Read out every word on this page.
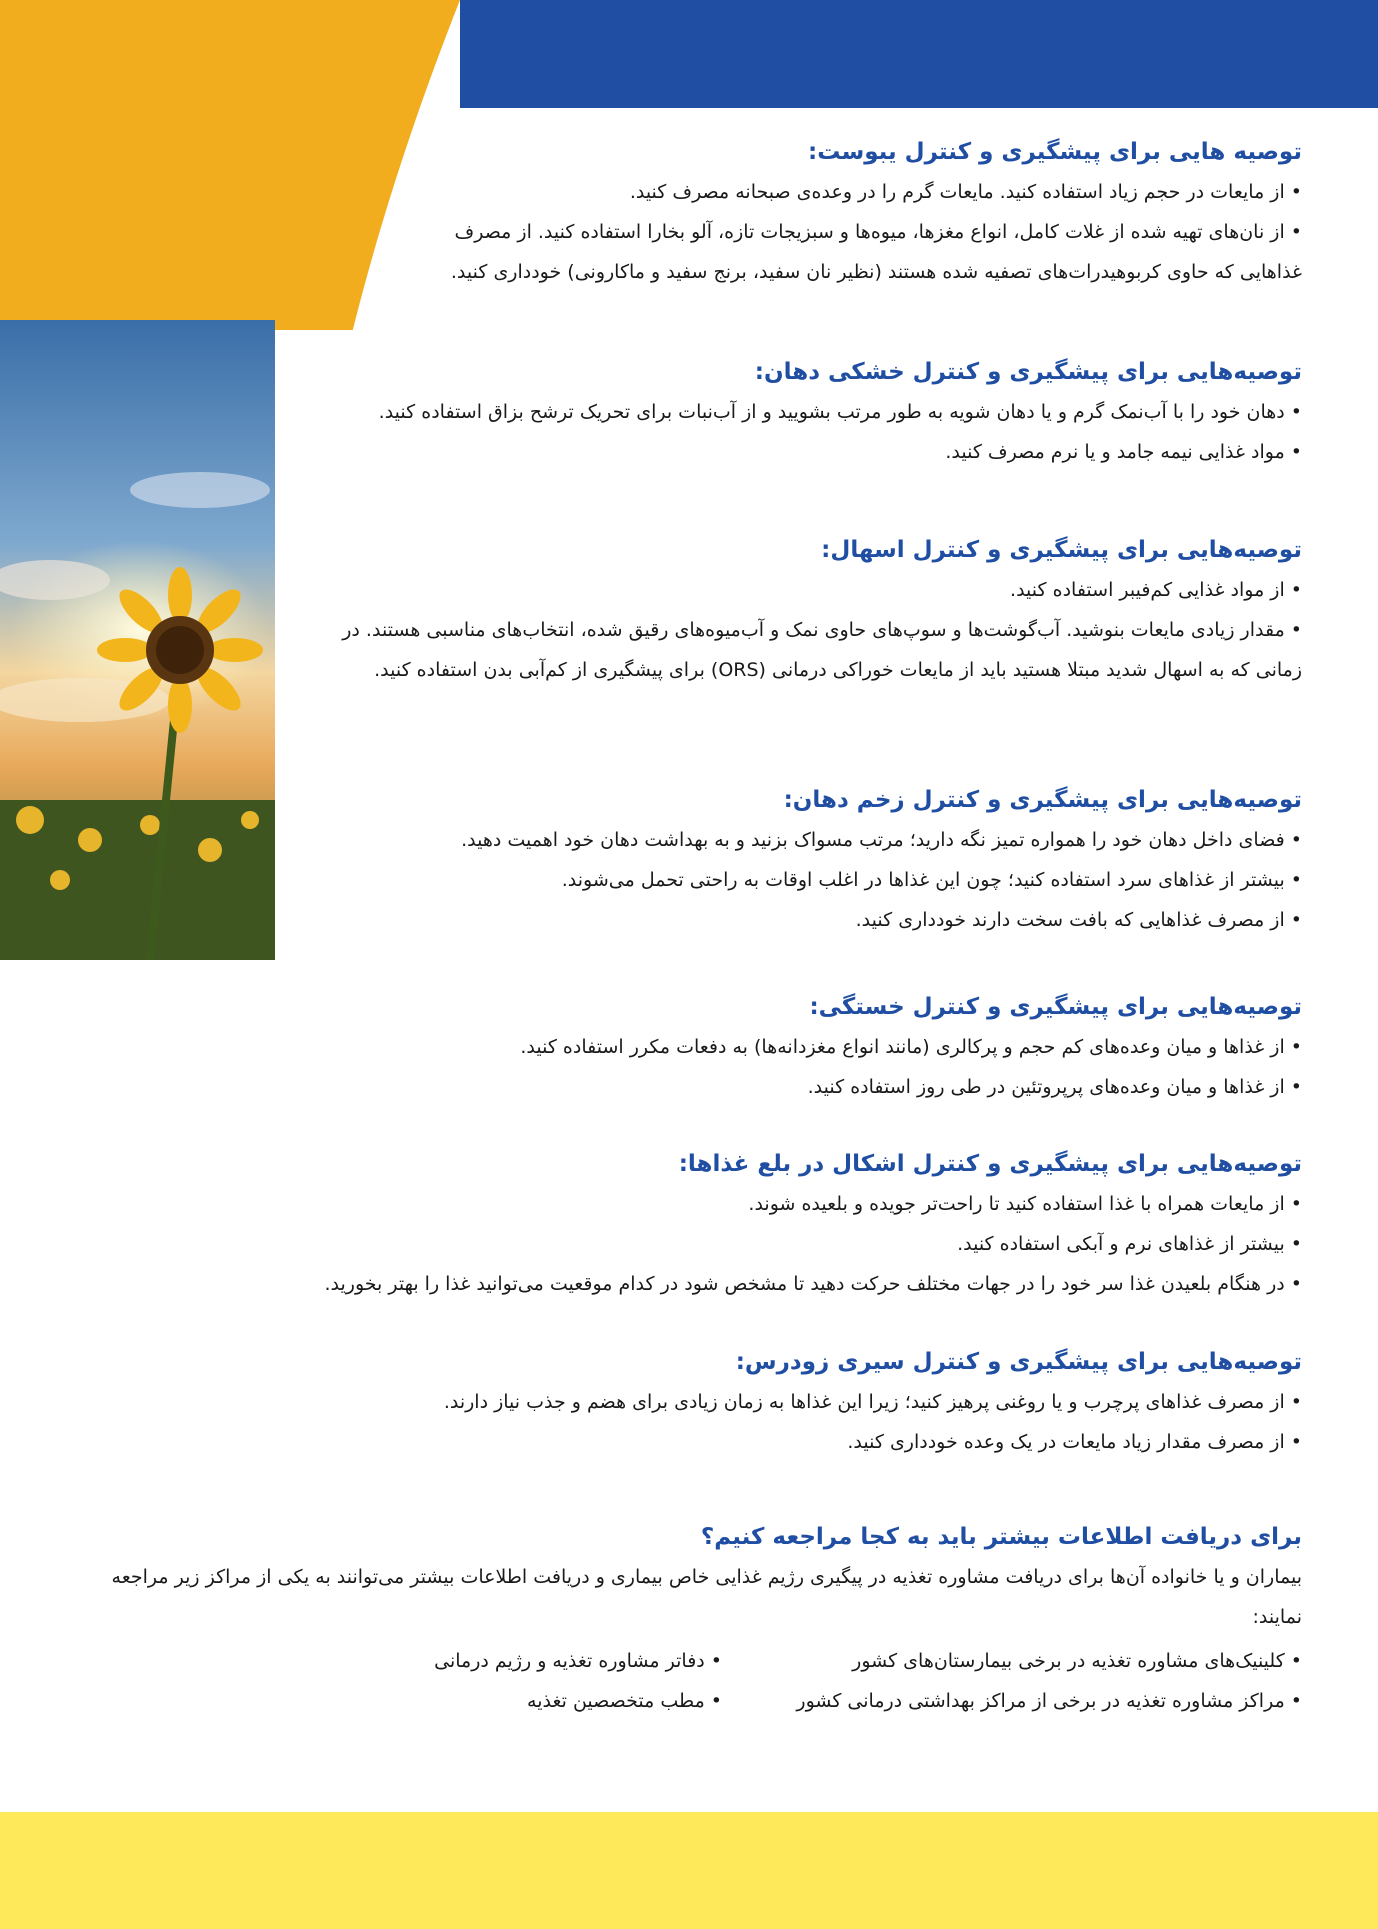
توصیه هایی برای پیشگیری و کنترل یبوست:

• از مایعات در حجم زیاد استفاده کنید. مایعات گرم را در وعده‌ی صبحانه مصرف کنید.

• از نان‌های تهیه شده از غلات کامل، انواع مغزها، میوه‌ها و سبزیجات تازه، آلو بخارا استفاده کنید. از مصرف غذاهایی که حاوی کربوهیدرات‌های تصفیه شده هستند (نظیر نان سفید، برنج سفید و ماکارونی) خودداری کنید.

توصیه‌هایی برای پیشگیری و کنترل خشکی دهان:

• دهان خود را با آب‌نمک گرم و یا دهان شویه به طور مرتب بشویید و از آب‌نبات برای تحریک ترشح بزاق استفاده کنید.

• مواد غذایی نیمه جامد و یا نرم مصرف کنید.

توصیه‌هایی برای پیشگیری و کنترل اسهال:

• از مواد غذایی کم‌فیبر استفاده کنید.

• مقدار زیادی مایعات بنوشید. آب‌گوشت‌ها و سوپ‌های حاوی نمک و آب‌میوه‌های رقیق شده، انتخاب‌های مناسبی هستند. در زمانی که به اسهال شدید مبتلا هستید باید از مایعات خوراکی درمانی (ORS) برای پیشگیری از کم‌آبی بدن استفاده کنید.

توصیه‌هایی برای پیشگیری و کنترل زخم دهان:

• فضای داخل دهان خود را همواره تمیز نگه دارید؛ مرتب مسواک بزنید و به بهداشت دهان خود اهمیت دهید.

• بیشتر از غذاهای سرد استفاده کنید؛ چون این غذاها در اغلب اوقات به راحتی تحمل می‌شوند.

• از مصرف غذاهایی که بافت سخت دارند خودداری کنید.

توصیه‌هایی برای پیشگیری و کنترل خستگی:

• از غذاها و میان وعده‌های کم حجم و پرکالری (مانند انواع مغزدانه‌ها) به دفعات مکرر استفاده کنید.

• از غذاها و میان وعده‌های پرپروتئین در طی روز استفاده کنید.

توصیه‌هایی برای پیشگیری و کنترل اشکال در بلع غذاها:

• از مایعات همراه با غذا استفاده کنید تا راحت‌تر جویده و بلعیده شوند.

• بیشتر از غذاهای نرم و آبکی استفاده کنید.

• در هنگام بلعیدن غذا سر خود را در جهات مختلف حرکت دهید تا مشخص شود در کدام موقعیت می‌توانید غذا را بهتر بخورید.

توصیه‌هایی برای پیشگیری و کنترل سیری زودرس:

• از مصرف غذاهای پرچرب و یا روغنی پرهیز کنید؛ زیرا این غذاها به زمان زیادی برای هضم و جذب نیاز دارند.

• از مصرف مقدار زیاد مایعات در یک وعده خودداری کنید.

برای دریافت اطلاعات بیشتر باید به کجا مراجعه کنیم؟

بیماران و یا خانواده آن‌ها برای دریافت مشاوره تغذیه در پیگیری رژیم غذایی خاص بیماری و دریافت اطلاعات بیشتر می‌توانند به یکی از مراکز زیر مراجعه نمایند:

• کلینیک‌های مشاوره تغذیه در برخی بیمارستان‌های کشور

• مراکز مشاوره تغذیه در برخی از مراکز بهداشتی درمانی کشور

• دفاتر مشاوره تغذیه و رژیم درمانی

• مطب متخصصین تغذیه
